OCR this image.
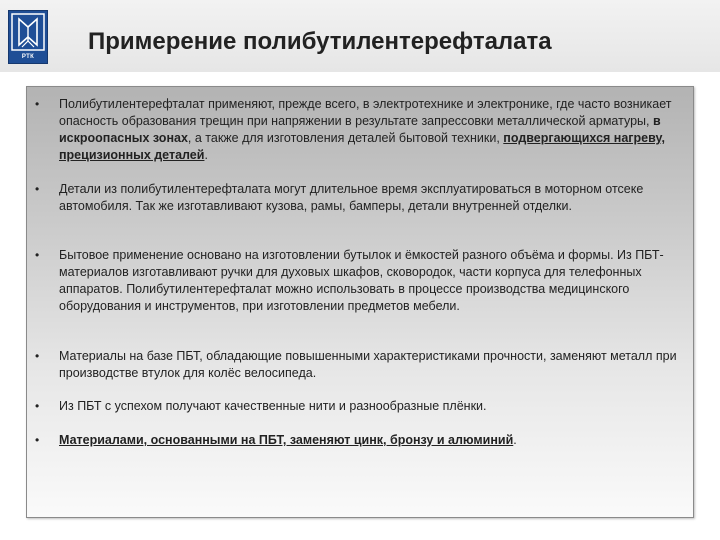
РТК
Примерение полибутилентерефталата
• Полибутилентерефталат применяют, прежде всего, в электротехнике и электронике, где часто возникает опасность образования трещин при напряжении в результате запрессовки металлической арматуры, в искроопасных зонах, а также для изготовления деталей бытовой техники, подвергающихся нагреву, прецизионных деталей.
• Детали из полибутилентерефталата могут длительное время эксплуатироваться в моторном отсеке автомобиля. Так же изготавливают кузова, рамы, бамперы, детали внутренней отделки.
• Бытовое применение основано на изготовлении бутылок и ёмкостей разного объёма и формы. Из ПБТ-материалов изготавливают ручки для духовых шкафов, сковородок, части корпуса для телефонных аппаратов. Полибутилентерефталат можно использовать в процессе производства медицинского оборудования и инструментов, при изготовлении предметов мебели.
• Материалы на базе ПБТ, обладающие повышенными характеристиками прочности, заменяют металл при производстве втулок для колёс велосипеда.
• Из ПБТ с успехом получают качественные нити и разнообразные плёнки.
• Материалами, основанными на ПБТ, заменяют цинк, бронзу и алюминий.
